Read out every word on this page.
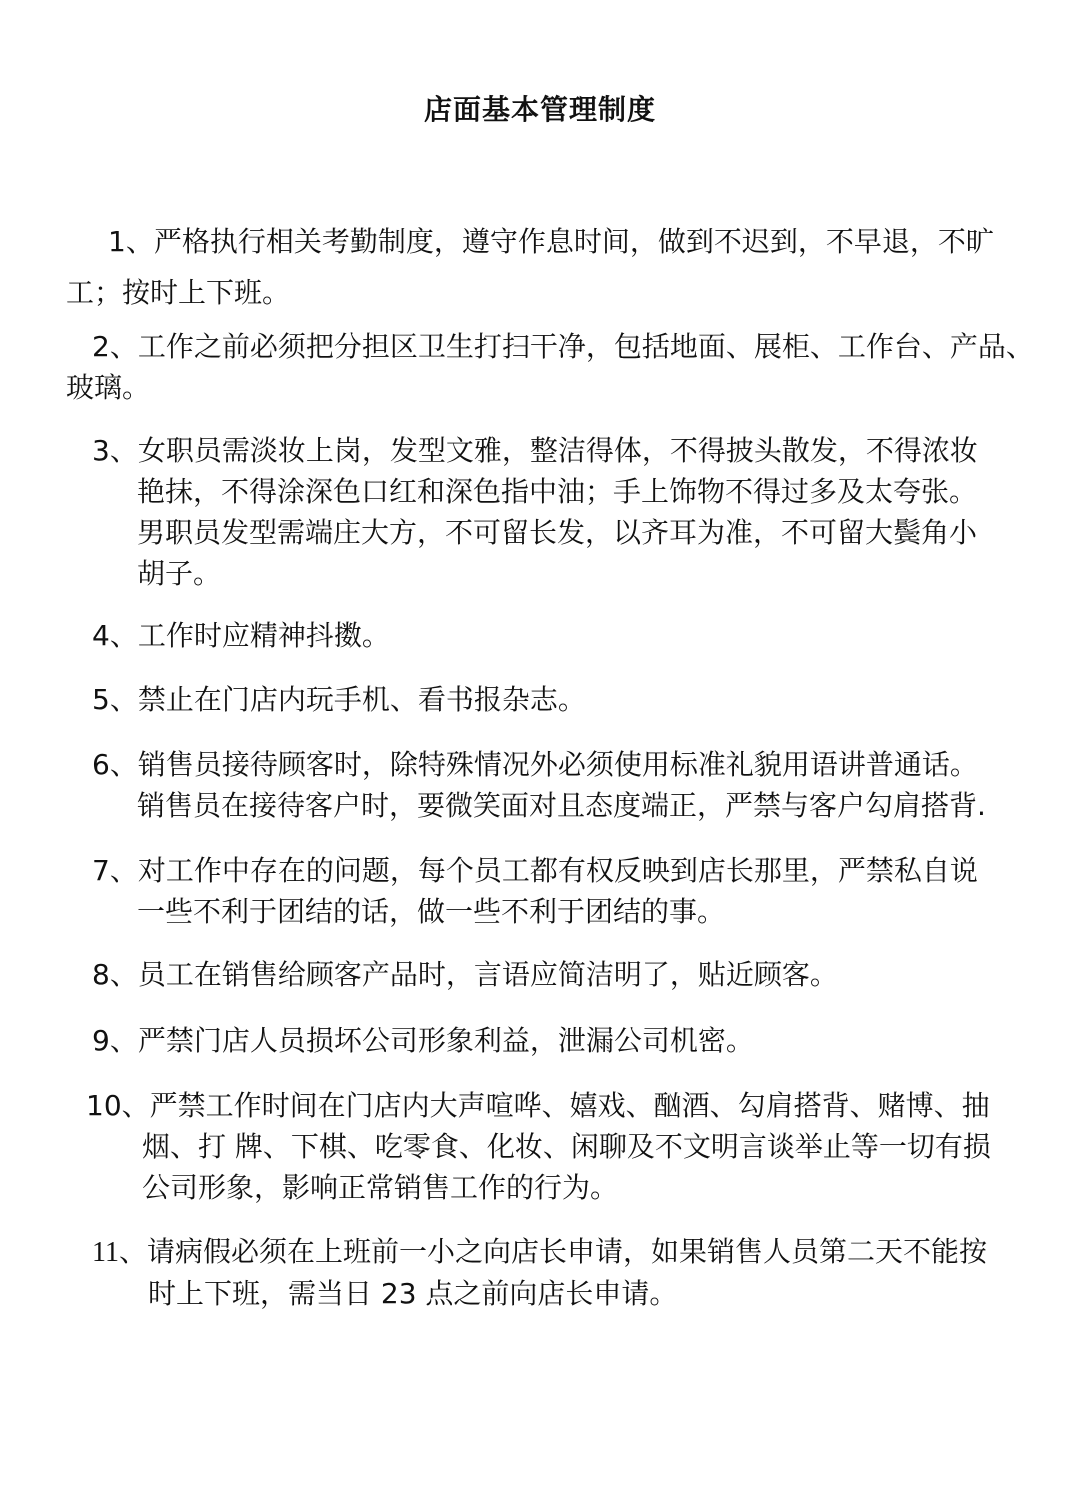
店面基本管理制度
1、严格执行相关考勤制度，遵守作息时间，做到不迟到，不早退，不旷
工；按时上下班。
2、工作之前必须把分担区卫生打扫干净，包括地面、展柜、工作台、产品、
玻璃。
3、女职员需淡妆上岗，发型文雅，整洁得体，不得披头散发，不得浓妆
艳抹，不得涂深色口红和深色指中油；手上饰物不得过多及太夸张。
男职员发型需端庄大方，不可留长发，以齐耳为准，不可留大鬓角小
胡子。
4、工作时应精神抖擞。
5、禁止在门店内玩手机、看书报杂志。
6、销售员接待顾客时，除特殊情况外必须使用标准礼貌用语讲普通话。
销售员在接待客户时，要微笑面对且态度端正，严禁与客户勾肩搭背.
7、对工作中存在的问题，每个员工都有权反映到店长那里，严禁私自说
一些不利于团结的话，做一些不利于团结的事。
8、员工在销售给顾客产品时，言语应简洁明了，贴近顾客。
9、严禁门店人员损坏公司形象利益，泄漏公司机密。
10、严禁工作时间在门店内大声喧哗、嬉戏、酗酒、勾肩搭背、赌博、抽
烟、打 牌、下棋、吃零食、化妆、闲聊及不文明言谈举止等一切有损
公司形象，影响正常销售工作的行为。
11、请病假必须在上班前一小之向店长申请，如果销售人员第二天不能按
时上下班，需当日 23 点之前向店长申请。
